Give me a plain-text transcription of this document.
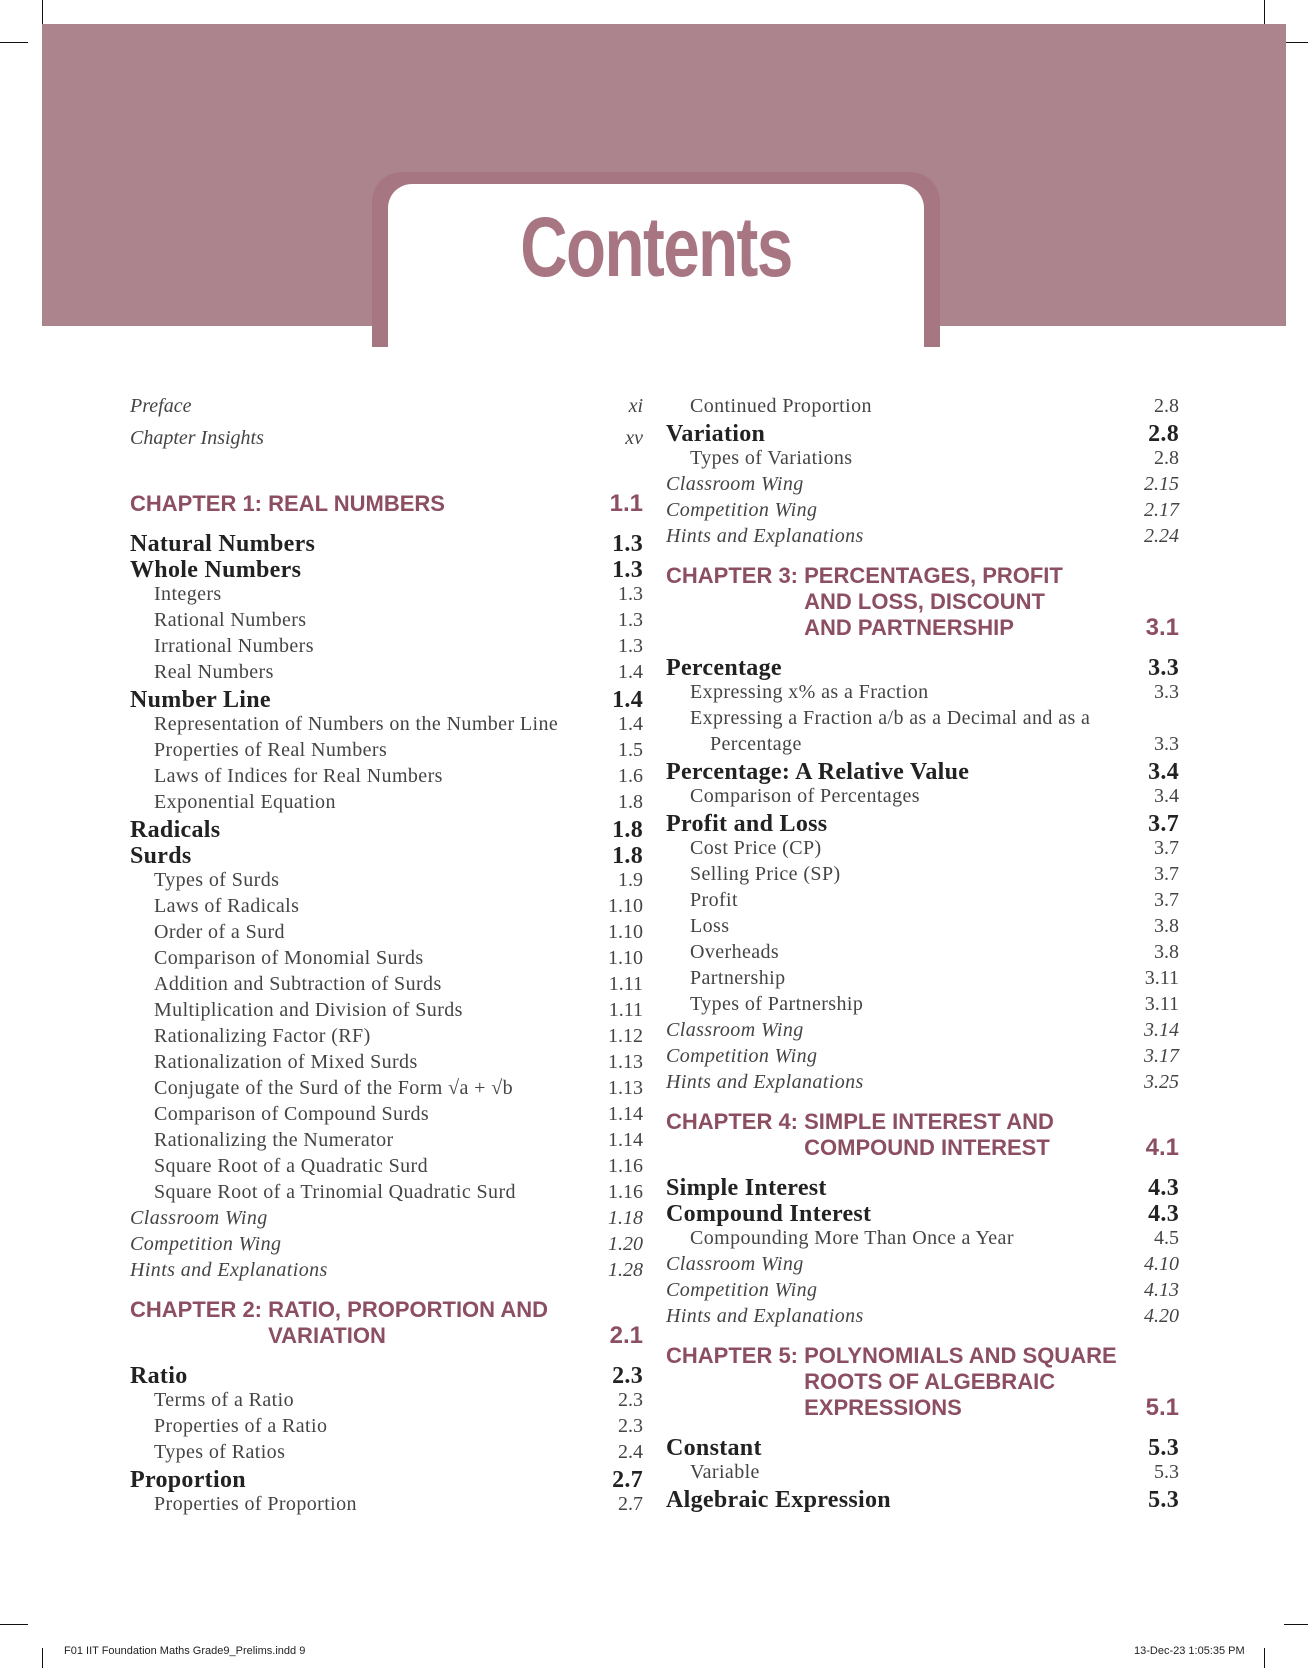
Contents
Preface	xi
Chapter Insights	xv
CHAPTER 1: REAL NUMBERS	1.1
Natural Numbers	1.3
Whole Numbers	1.3
Integers	1.3
Rational Numbers	1.3
Irrational Numbers	1.3
Real Numbers	1.4
Number Line	1.4
Representation of Numbers on the Number Line	1.4
Properties of Real Numbers	1.5
Laws of Indices for Real Numbers	1.6
Exponential Equation	1.8
Radicals	1.8
Surds	1.8
Types of Surds	1.9
Laws of Radicals	1.10
Order of a Surd	1.10
Comparison of Monomial Surds	1.10
Addition and Subtraction of Surds	1.11
Multiplication and Division of Surds	1.11
Rationalizing Factor (RF)	1.12
Rationalization of Mixed Surds	1.13
Conjugate of the Surd of the Form √a + √b	1.13
Comparison of Compound Surds	1.14
Rationalizing the Numerator	1.14
Square Root of a Quadratic Surd	1.16
Square Root of a Trinomial Quadratic Surd	1.16
Classroom Wing	1.18
Competition Wing	1.20
Hints and Explanations	1.28
CHAPTER 2: RATIO, PROPORTION AND
VARIATION	2.1
Ratio	2.3
Terms of a Ratio	2.3
Properties of a Ratio	2.3
Types of Ratios	2.4
Proportion	2.7
Properties of Proportion	2.7
Continued Proportion	2.8
Variation	2.8
Types of Variations	2.8
Classroom Wing	2.15
Competition Wing	2.17
Hints and Explanations	2.24
CHAPTER 3: PERCENTAGES, PROFIT
AND LOSS, DISCOUNT
AND PARTNERSHIP	3.1
Percentage	3.3
Expressing x% as a Fraction	3.3
Expressing a Fraction a/b as a Decimal and as a
Percentage	3.3
Percentage: A Relative Value	3.4
Comparison of Percentages	3.4
Profit and Loss	3.7
Cost Price (CP)	3.7
Selling Price (SP)	3.7
Profit	3.7
Loss	3.8
Overheads	3.8
Partnership	3.11
Types of Partnership	3.11
Classroom Wing	3.14
Competition Wing	3.17
Hints and Explanations	3.25
CHAPTER 4: SIMPLE INTEREST AND
COMPOUND INTEREST	4.1
Simple Interest	4.3
Compound Interest	4.3
Compounding More Than Once a Year	4.5
Classroom Wing	4.10
Competition Wing	4.13
Hints and Explanations	4.20
CHAPTER 5: POLYNOMIALS AND SQUARE
ROOTS OF ALGEBRAIC
EXPRESSIONS	5.1
Constant	5.3
Variable	5.3
Algebraic Expression	5.3
F01 IIT Foundation Maths Grade9_Prelims.indd 9	13-Dec-23 1:05:35 PM
